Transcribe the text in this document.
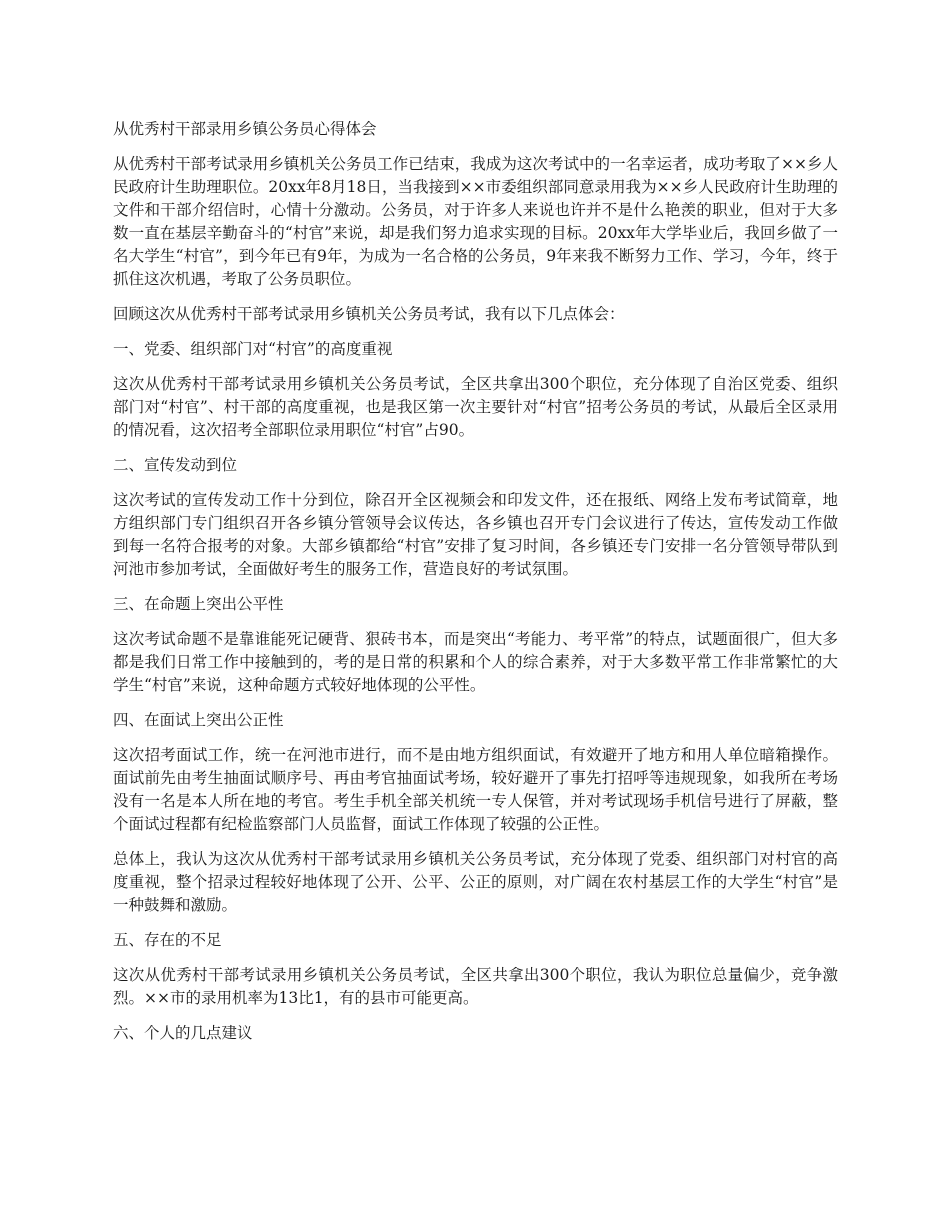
从优秀村干部录用乡镇公务员心得体会

从优秀村干部考试录用乡镇机关公务员工作已结束，我成为这次考试中的一名幸运者，成功考取了××乡人民政府计生助理职位。20xx年8月18日，当我接到××市委组织部同意录用我为××乡人民政府计生助理的文件和干部介绍信时，心情十分激动。公务员，对于许多人来说也许并不是什么艳羡的职业，但对于大多数一直在基层辛勤奋斗的“村官”来说，却是我们努力追求实现的目标。20xx年大学毕业后，我回乡做了一名大学生“村官”，到今年已有9年，为成为一名合格的公务员，9年来我不断努力工作、学习，今年，终于抓住这次机遇，考取了公务员职位。

回顾这次从优秀村干部考试录用乡镇机关公务员考试，我有以下几点体会：

一、党委、组织部门对“村官”的高度重视

这次从优秀村干部考试录用乡镇机关公务员考试，全区共拿出300个职位，充分体现了自治区党委、组织部门对“村官”、村干部的高度重视，也是我区第一次主要针对“村官”招考公务员的考试，从最后全区录用的情况看，这次招考全部职位录用职位“村官”占90。

二、宣传发动到位

这次考试的宣传发动工作十分到位，除召开全区视频会和印发文件，还在报纸、网络上发布考试简章，地方组织部门专门组织召开各乡镇分管领导会议传达，各乡镇也召开专门会议进行了传达，宣传发动工作做到每一名符合报考的对象。大部乡镇都给“村官”安排了复习时间，各乡镇还专门安排一名分管领导带队到河池市参加考试，全面做好考生的服务工作，营造良好的考试氛围。

三、在命题上突出公平性

这次考试命题不是靠谁能死记硬背、狠砖书本，而是突出“考能力、考平常”的特点，试题面很广，但大多都是我们日常工作中接触到的，考的是日常的积累和个人的综合素养，对于大多数平常工作非常繁忙的大学生“村官”来说，这种命题方式较好地体现的公平性。

四、在面试上突出公正性

这次招考面试工作，统一在河池市进行，而不是由地方组织面试，有效避开了地方和用人单位暗箱操作。面试前先由考生抽面试顺序号、再由考官抽面试考场，较好避开了事先打招呼等违规现象，如我所在考场没有一名是本人所在地的考官。考生手机全部关机统一专人保管，并对考试现场手机信号进行了屏蔽，整个面试过程都有纪检监察部门人员监督，面试工作体现了较强的公正性。

总体上，我认为这次从优秀村干部考试录用乡镇机关公务员考试，充分体现了党委、组织部门对村官的高度重视，整个招录过程较好地体现了公开、公平、公正的原则，对广阔在农村基层工作的大学生“村官”是一种鼓舞和激励。

五、存在的不足

这次从优秀村干部考试录用乡镇机关公务员考试，全区共拿出300个职位，我认为职位总量偏少，竞争激烈。××市的录用机率为13比1，有的县市可能更高。

六、个人的几点建议
